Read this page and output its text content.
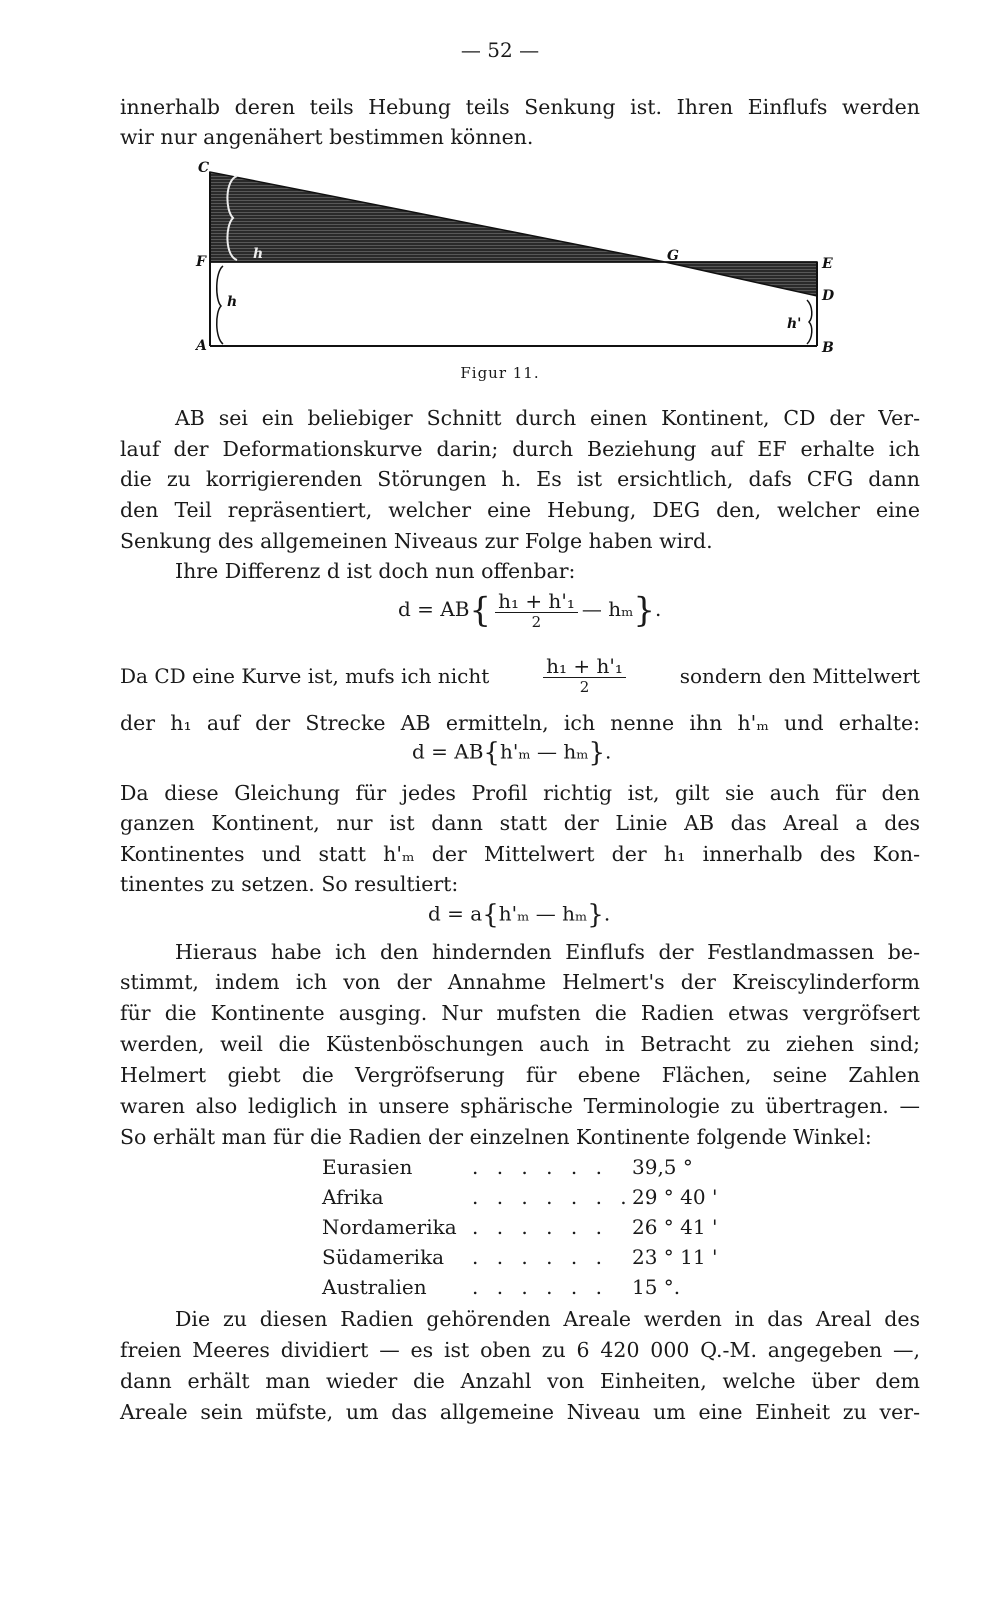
— 52 —
innerhalb deren teils Hebung teils Senkung ist. Ihren Einflufs werden
wir nur angenähert bestimmen können.
C
F
A
G	E
D
B
h
h
h'
Figur 11.
AB sei ein beliebiger Schnitt durch einen Kontinent, CD der Ver-
lauf der Deformationskurve darin; durch Beziehung auf EF erhalte ich
die zu korrigierenden Störungen h. Es ist ersichtlich, dafs CFG dann
den Teil repräsentiert, welcher eine Hebung, DEG den, welcher eine
Senkung des allgemeinen Niveaus zur Folge haben wird.
Ihre Differenz d ist doch nun offenbar:
$d = AB\{ \frac{\text{h₁ + h'₁}}{2}$ — hₘ}.
Da CD eine Kurve ist, mufs ich nicht	$\frac{\text{h₁ + h'₁}}{2}$	sondern den Mittelwert
der h₁ auf der Strecke AB ermitteln, ich nenne ihn h'ₘ und erhalte:
d = AB{h'ₘ — hₘ}.
Da diese Gleichung für jedes Profil richtig ist, gilt sie auch für den
ganzen Kontinent, nur ist dann statt der Linie AB das Areal a des
Kontinentes und statt h'ₘ der Mittelwert der h₁ innerhalb des Kon-
tinentes zu setzen. So resultiert:
d = a{h'ₘ — hₘ}.
Hieraus habe ich den hindernden Einflufs der Festlandmassen be-
stimmt, indem ich von der Annahme Helmert's der Kreiscylinderform
für die Kontinente ausging. Nur mufsten die Radien etwas vergröfsert
werden, weil die Küstenböschungen auch in Betracht zu ziehen sind;
Helmert giebt die Vergröfserung für ebene Flächen, seine Zahlen
waren also lediglich in unsere sphärische Terminologie zu übertragen. —
So erhält man für die Radien der einzelnen Kontinente folgende Winkel:
Eurasien	. . . . . . 39,5 °
Afrika	. . . . . . . .29 ° 40 '
Nordamerika . . . . . . 26 ° 41 '
Südamerika . . . . . . 23 ° 11 '
Australien . . . . . . 15 °.
Die zu diesen Radien gehörenden Areale werden in das Areal des
freien Meeres dividiert — es ist oben zu 6 420 000 Q.-M. angegeben —,
dann erhält man wieder die Anzahl von Einheiten, welche über dem
Areale sein müfste, um das allgemeine Niveau um eine Einheit zu ver-
